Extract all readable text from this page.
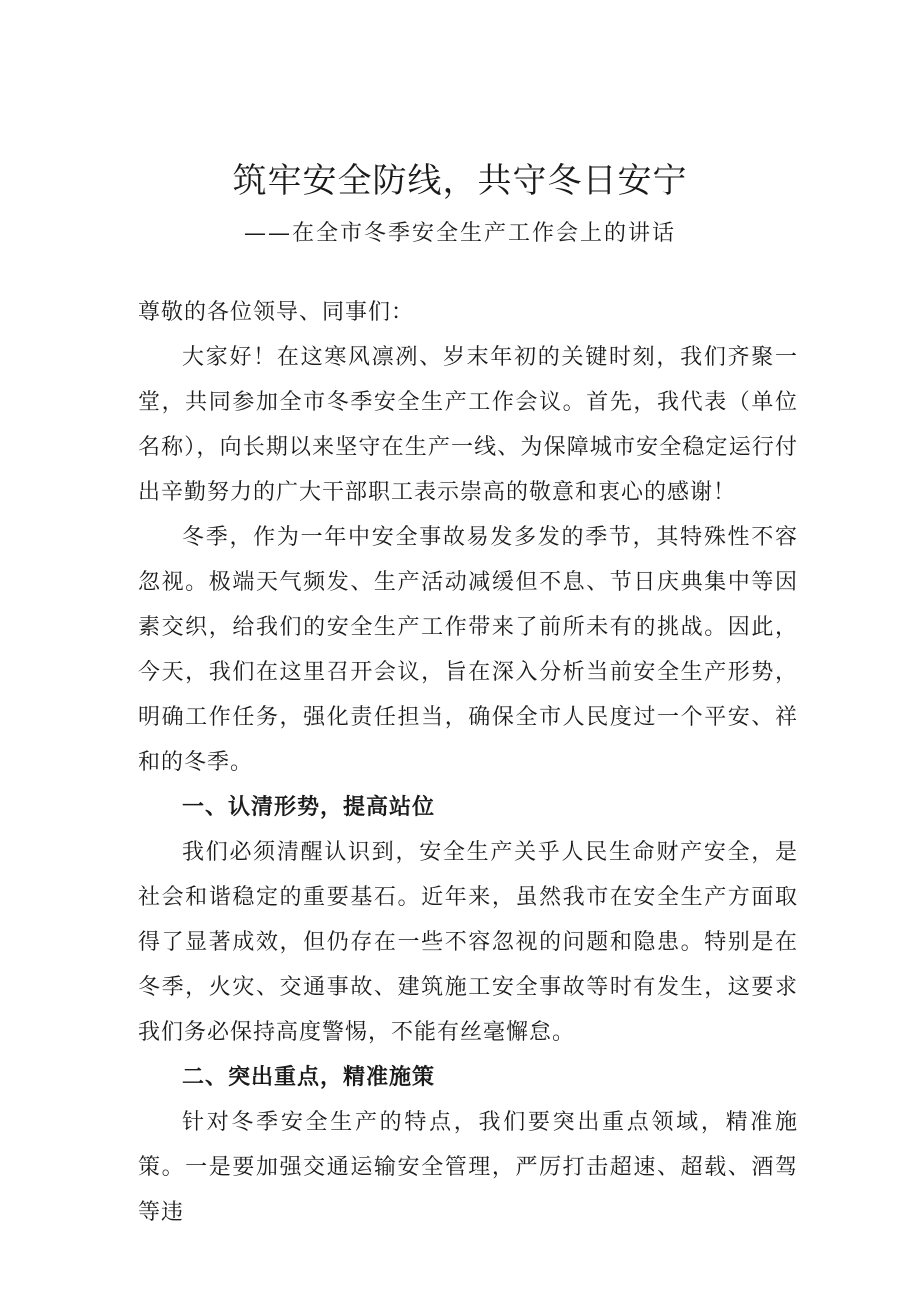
筑牢安全防线，共守冬日安宁
——在全市冬季安全生产工作会上的讲话

尊敬的各位领导、同事们：

大家好！在这寒风凛冽、岁末年初的关键时刻，我们齐聚一堂，共同参加全市冬季安全生产工作会议。首先，我代表（单位名称），向长期以来坚守在生产一线、为保障城市安全稳定运行付出辛勤努力的广大干部职工表示崇高的敬意和衷心的感谢！

冬季，作为一年中安全事故易发多发的季节，其特殊性不容忽视。极端天气频发、生产活动减缓但不息、节日庆典集中等因素交织，给我们的安全生产工作带来了前所未有的挑战。因此，今天，我们在这里召开会议，旨在深入分析当前安全生产形势，明确工作任务，强化责任担当，确保全市人民度过一个平安、祥和的冬季。

一、认清形势，提高站位

我们必须清醒认识到，安全生产关乎人民生命财产安全，是社会和谐稳定的重要基石。近年来，虽然我市在安全生产方面取得了显著成效，但仍存在一些不容忽视的问题和隐患。特别是在冬季，火灾、交通事故、建筑施工安全事故等时有发生，这要求我们务必保持高度警惕，不能有丝毫懈怠。

二、突出重点，精准施策

针对冬季安全生产的特点，我们要突出重点领域，精准施策。一是要加强交通运输安全管理，严厉打击超速、超载、酒驾等违
